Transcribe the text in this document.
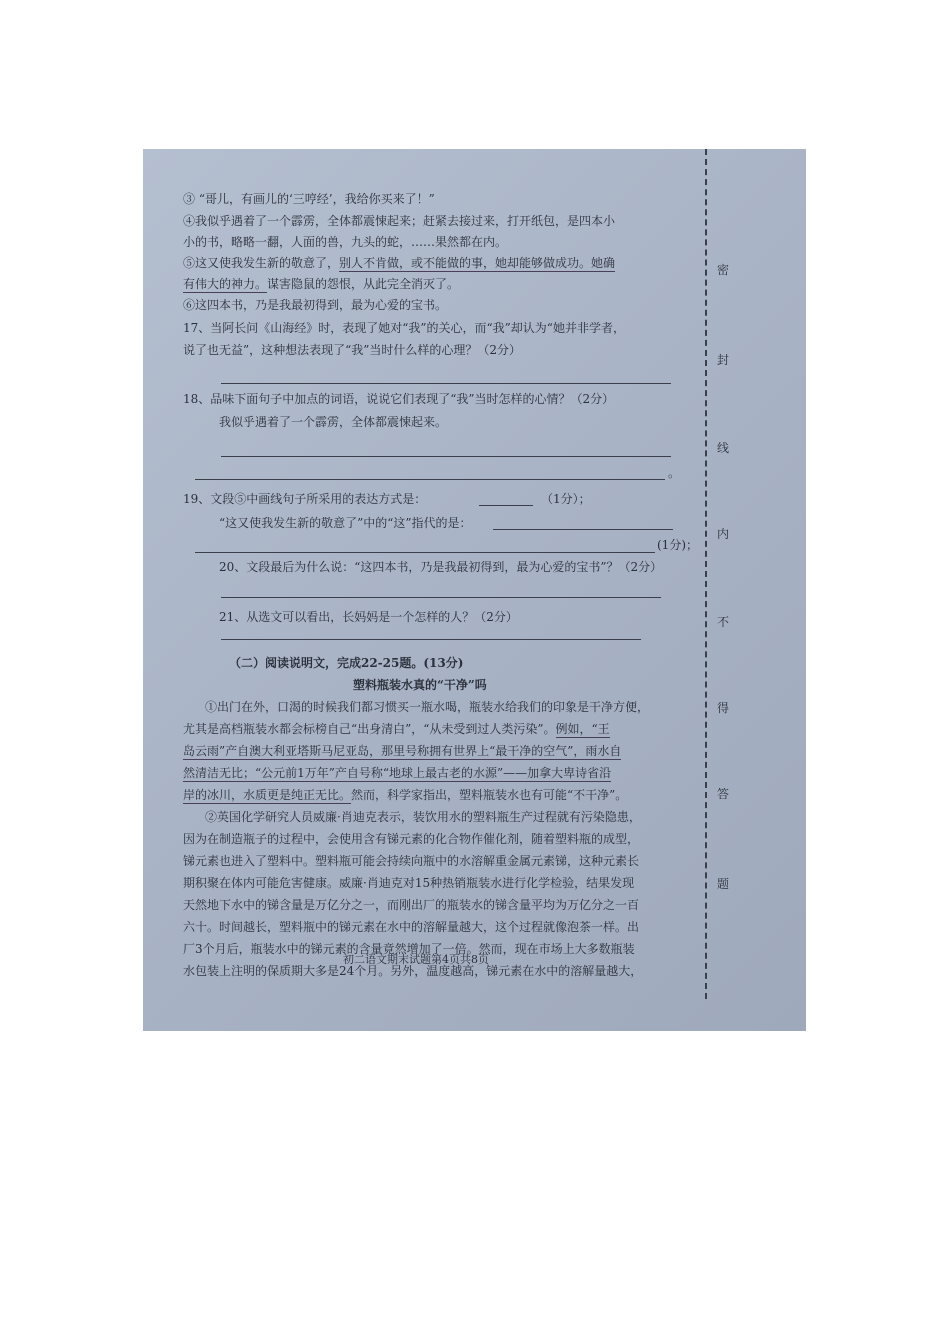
③ “哥儿，有画儿的‘三哼经’，我给你买来了！”
④我似乎遇着了一个霹雳，全体都震悚起来；赶紧去接过来，打开纸包，是四本小
小的书，略略一翻，人面的兽，九头的蛇，……果然都在内。
⑤这又使我发生新的敬意了，别人不肯做，或不能做的事，她却能够做成功。她确
有伟大的神力。谋害隐鼠的怨恨，从此完全消灭了。
⑥这四本书，乃是我最初得到，最为心爱的宝书。
17、当阿长问《山海经》时，表现了她对“我”的关心，而“我”却认为“她并非学者，
说了也无益”，这种想法表现了“我”当时什么样的心理？（2分）
18、品味下面句子中加点的词语，说说它们表现了“我”当时怎样的心情？（2分）
我似乎遇着了一个霹雳，全体都震悚起来。
。
19、文段⑤中画线句子所采用的表达方式是：	（1分）；
“这又使我发生新的敬意了”中的“这”指代的是：
(1分)；
20、文段最后为什么说：“这四本书，乃是我最初得到，最为心爱的宝书”？（2分）
21、从选文可以看出，长妈妈是一个怎样的人？（2分）
（二）阅读说明文，完成22-25题。(13分)
塑料瓶装水真的“干净”吗
①出门在外，口渴的时候我们都习惯买一瓶水喝，瓶装水给我们的印象是干净方便，
尤其是高档瓶装水都会标榜自己“出身清白”，“从未受到过人类污染”。例如，“王
岛云雨”产自澳大利亚塔斯马尼亚岛，那里号称拥有世界上“最干净的空气”，雨水自
然清洁无比；“公元前1万年”产自号称“地球上最古老的水源”——加拿大卑诗省沿
岸的冰川，水质更是纯正无比。然而，科学家指出，塑料瓶装水也有可能“不干净”。
②英国化学研究人员威廉·肖迪克表示，装饮用水的塑料瓶生产过程就有污染隐患，
因为在制造瓶子的过程中，会使用含有锑元素的化合物作催化剂，随着塑料瓶的成型，
锑元素也进入了塑料中。塑料瓶可能会持续向瓶中的水溶解重金属元素锑，这种元素长
期积聚在体内可能危害健康。威廉·肖迪克对15种热销瓶装水进行化学检验，结果发现
天然地下水中的锑含量是万亿分之一，而刚出厂的瓶装水的锑含量平均为万亿分之一百
六十。时间越长，塑料瓶中的锑元素在水中的溶解量越大，这个过程就像泡茶一样。出
厂3个月后，瓶装水中的锑元素的含量竟然增加了一倍。然而，现在市场上大多数瓶装
水包装上注明的保质期大多是24个月。另外，温度越高，锑元素在水中的溶解量越大，
初二语文期末试题第4页共8页
密
封
线
内
不
得
答
题
